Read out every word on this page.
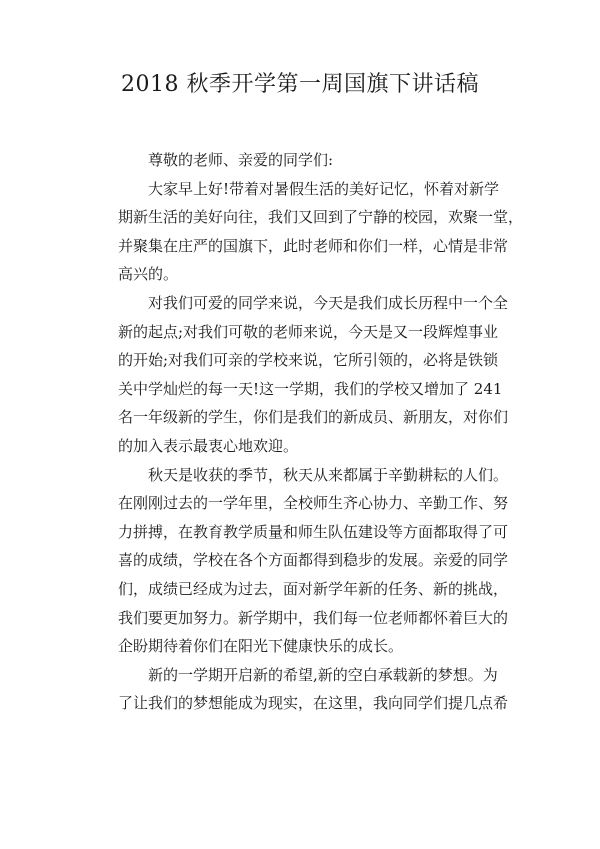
2018 秋季开学第一周国旗下讲话稿
尊敬的老师、亲爱的同学们:
大家早上好!带着对暑假生活的美好记忆，怀着对新学
期新生活的美好向往，我们又回到了宁静的校园，欢聚一堂，
并聚集在庄严的国旗下，此时老师和你们一样，心情是非常
高兴的。
对我们可爱的同学来说，今天是我们成长历程中一个全
新的起点;对我们可敬的老师来说，今天是又一段辉煌事业
的开始;对我们可亲的学校来说，它所引领的，必将是铁锁
关中学灿烂的每一天!这一学期，我们的学校又增加了 241
名一年级新的学生，你们是我们的新成员、新朋友，对你们
的加入表示最衷心地欢迎。
秋天是收获的季节，秋天从来都属于辛勤耕耘的人们。
在刚刚过去的一学年里，全校师生齐心协力、辛勤工作、努
力拼搏，在教育教学质量和师生队伍建设等方面都取得了可
喜的成绩，学校在各个方面都得到稳步的发展。亲爱的同学
们，成绩已经成为过去，面对新学年新的任务、新的挑战，
我们要更加努力。新学期中，我们每一位老师都怀着巨大的
企盼期待着你们在阳光下健康快乐的成长。
新的一学期开启新的希望,新的空白承载新的梦想。为
了让我们的梦想能成为现实，在这里，我向同学们提几点希
